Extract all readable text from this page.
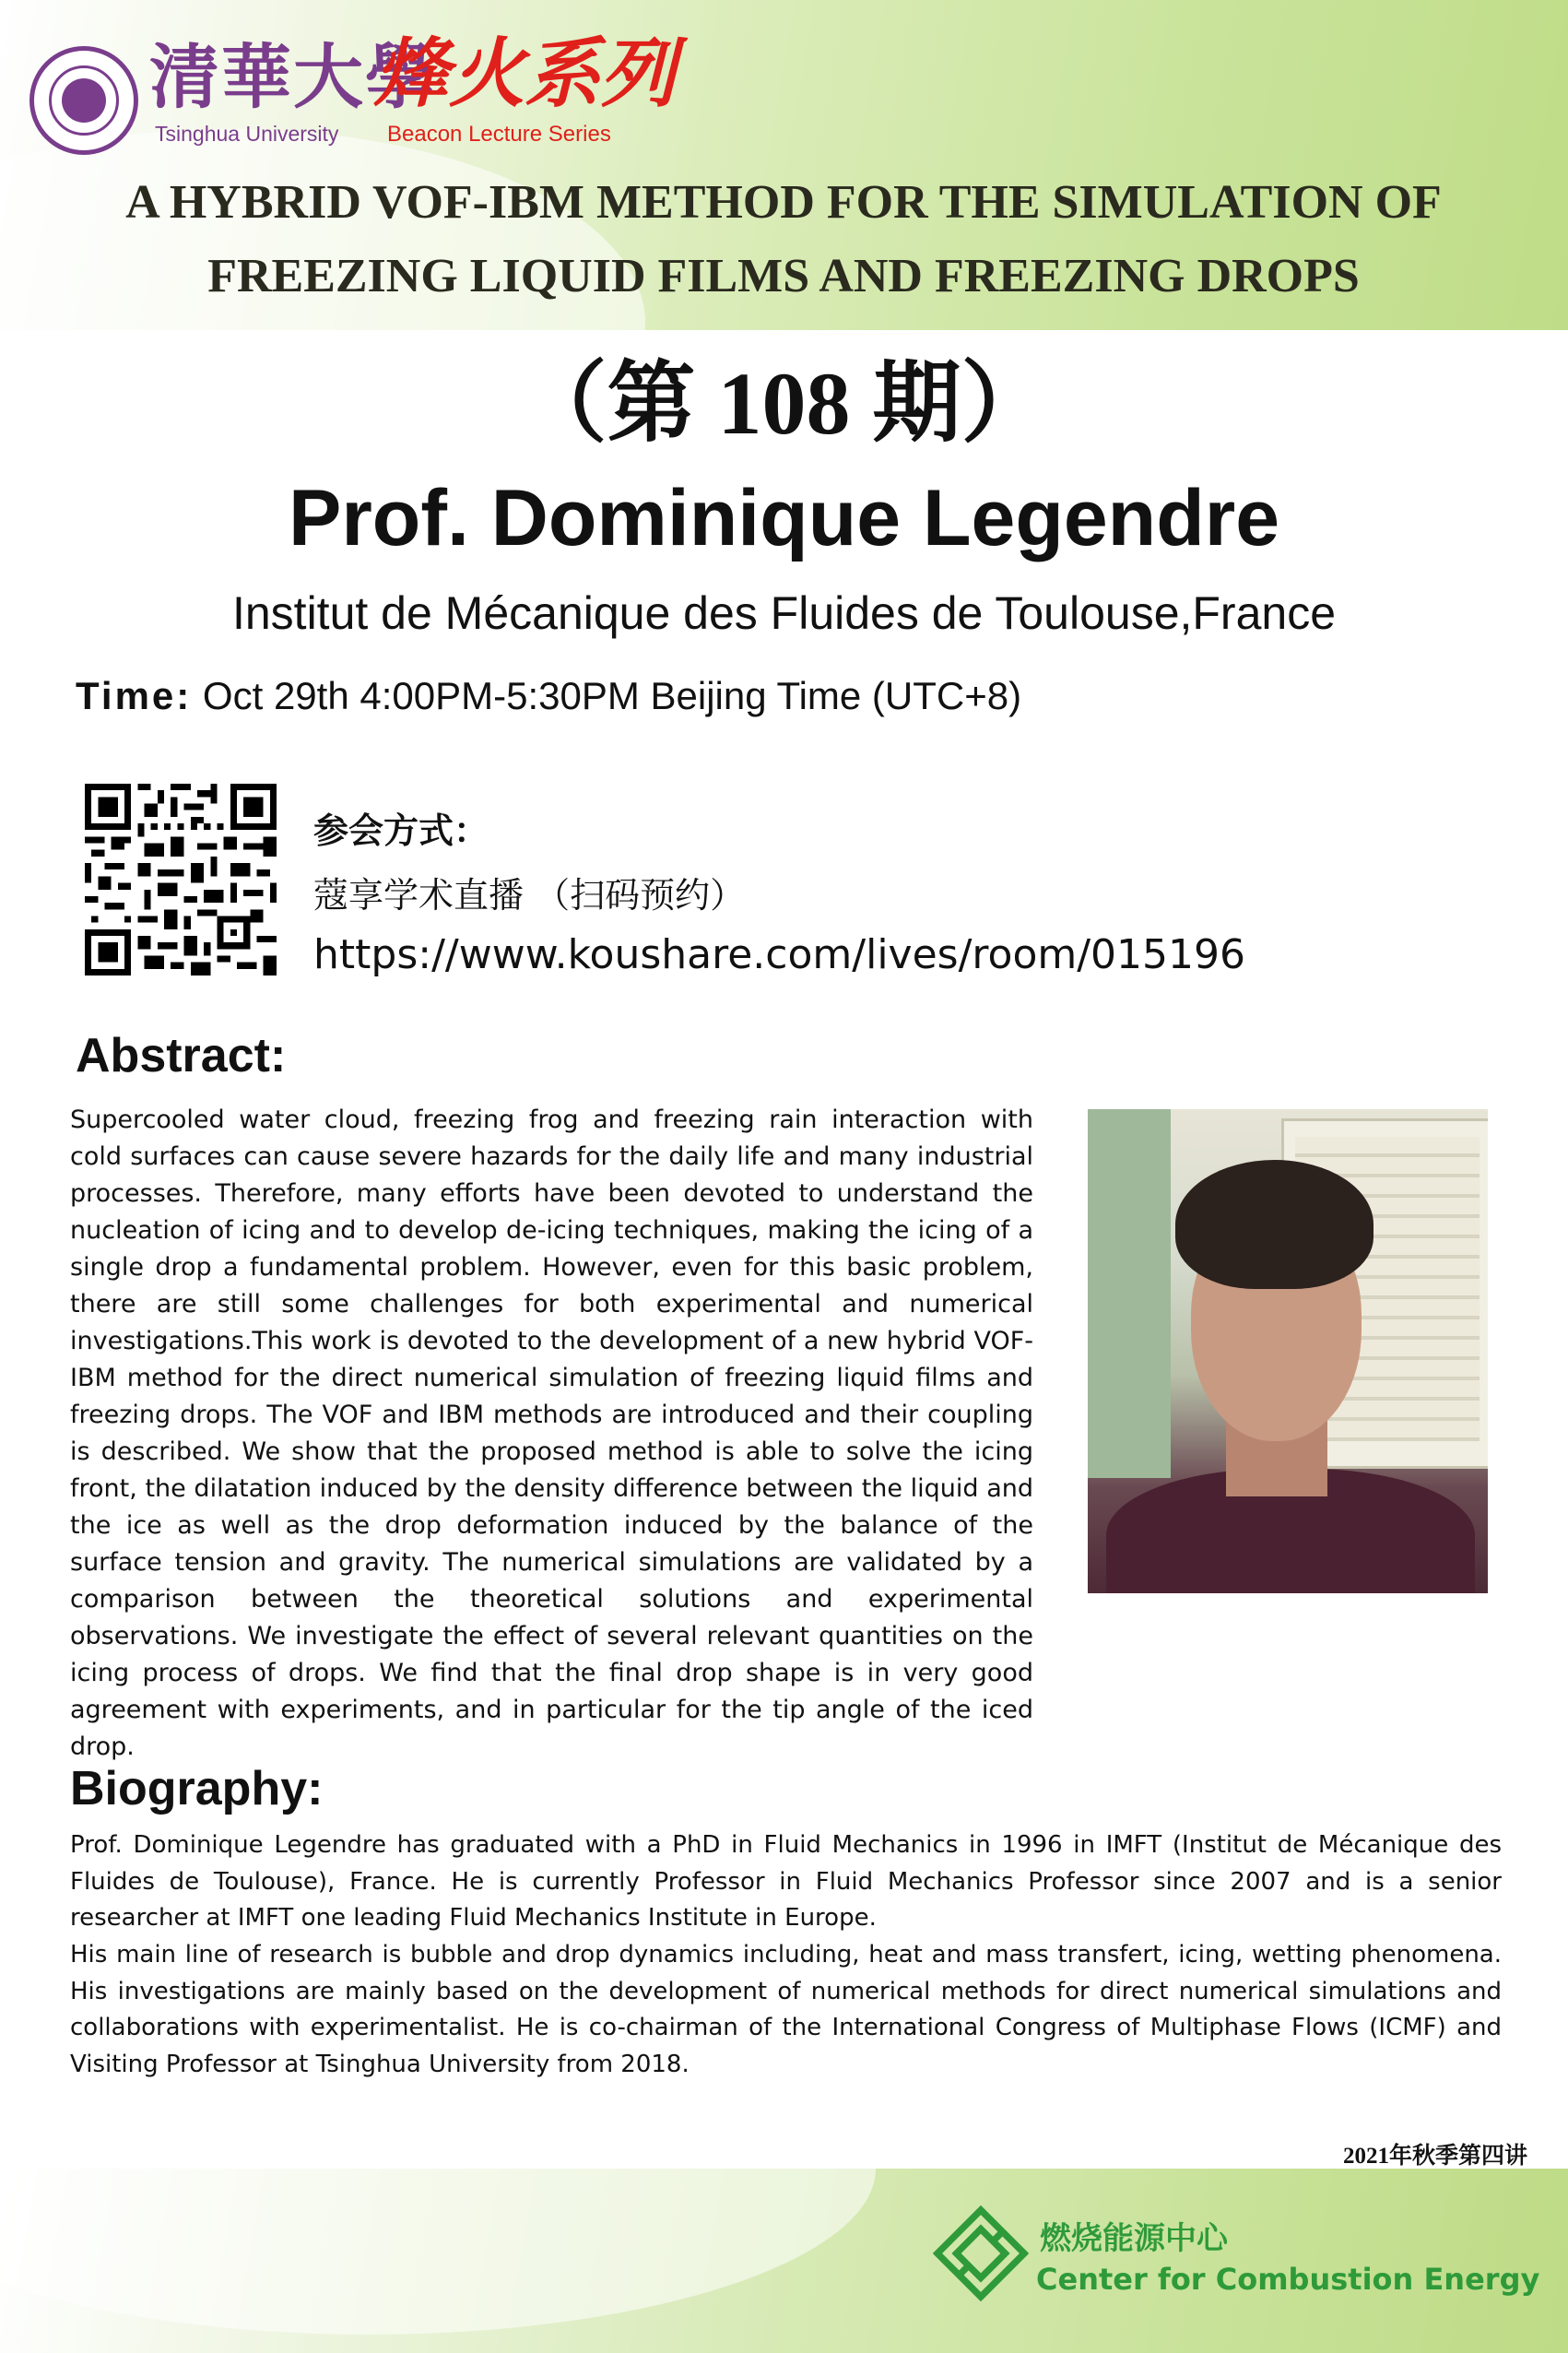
清華大學
Tsinghua University
烽火系列
Beacon Lecture Series
A HYBRID VOF-IBM METHOD FOR THE SIMULATION OF
FREEZING LIQUID FILMS AND FREEZING DROPS
（第 108 期）
Prof. Dominique Legendre
Institut de Mécanique des Fluides de Toulouse,France
Time: Oct 29th 4:00PM-5:30PM Beijing Time (UTC+8)
参会方式：
蔻享学术直播 （扫码预约）
https://www.koushare.com/lives/room/015196
Abstract:
Supercooled water cloud, freezing frog and freezing rain interaction with cold surfaces can cause severe hazards for the daily life and many industrial processes. Therefore, many efforts have been devoted to understand the nucleation of icing and to develop de-icing techniques, making the icing of a single drop a fundamental problem. However, even for this basic problem, there are still some challenges for both experimental and numerical investigations.This work is devoted to the development of a new hybrid VOF-IBM method for the direct numerical simulation of freezing liquid films and freezing drops. The VOF and IBM methods are introduced and their coupling is described. We show that the proposed method is able to solve the icing front, the dilatation induced by the density difference between the liquid and the ice as well as the drop deformation induced by the balance of the surface tension and gravity. The numerical simulations are validated by a comparison between the theoretical solutions and experimental observations. We investigate the effect of several relevant quantities on the icing process of drops. We find that the final drop shape is in very good agreement with experiments, and in particular for the tip angle of the iced drop.
Biography:
Prof. Dominique Legendre has graduated with a PhD in Fluid Mechanics in 1996 in IMFT (Institut de Mécanique des Fluides de Toulouse), France. He is currently Professor in Fluid Mechanics Professor since 2007 and is a senior researcher at IMFT one leading Fluid Mechanics Institute in Europe.
His main line of research is bubble and drop dynamics including, heat and mass transfert, icing, wetting phenomena. His investigations are mainly based on the development of numerical methods for direct numerical simulations and collaborations with experimentalist. He is co-chairman of the International Congress of Multiphase Flows (ICMF) and Visiting Professor at Tsinghua University from 2018.
2021年秋季第四讲
燃烧能源中心
Center for Combustion Energy
